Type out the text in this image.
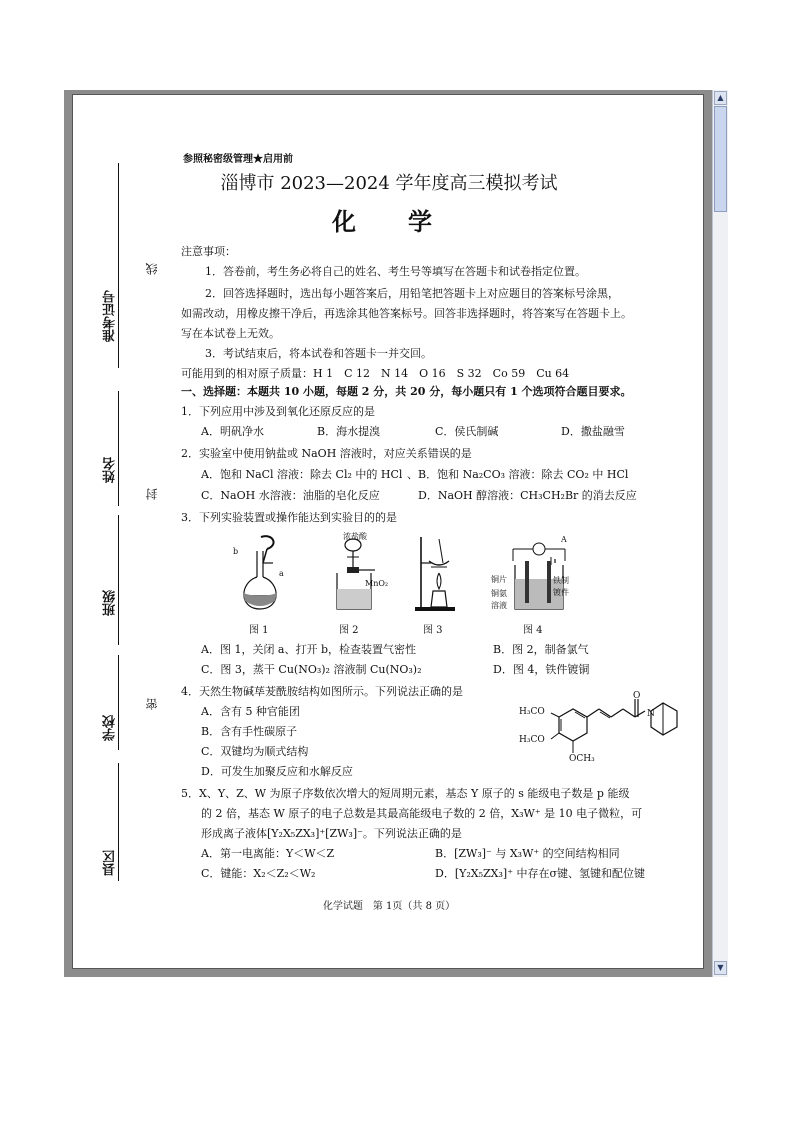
准考证号
姓名
班级
学校
县区
线
封
密
参照秘密级管理★启用前
淄博市 2023—2024 学年度高三模拟考试
化　学
注意事项：
1．答卷前，考生务必将自己的姓名、考生号等填写在答题卡和试卷指定位置。
2．回答选择题时，选出每小题答案后，用铅笔把答题卡上对应题目的答案标号涂黑，
如需改动，用橡皮擦干净后，再选涂其他答案标号。回答非选择题时，将答案写在答题卡上。
写在本试卷上无效。
3．考试结束后，将本试卷和答题卡一并交回。
可能用到的相对原子质量：H 1　C 12　N 14　O 16　S 32　Co 59　Cu 64
一、选择题：本题共 10 小题，每题 2 分，共 20 分，每小题只有 1 个选项符合题目要求。
1．下列应用中涉及到氧化还原反应的是
A．明矾净水	B．海水提溴	C．侯氏制碱	D．撒盐融雪
2．实验室中使用钠盐或 NaOH 溶液时，对应关系错误的是
A．饱和 NaCl 溶液：除去 Cl₂ 中的 HCl 、B．饱和 Na₂CO₃ 溶液：除去 CO₂ 中 HCl
C．NaOH 水溶液：油脂的皂化反应	D．NaOH 醇溶液：CH₃CH₂Br 的消去反应
3．下列实验装置或操作能达到实验目的的是
b
a
浓盐酸
MnO₂
A
铜片
铜氨
溶液
铁制
镀件
图 1	图 2	图 3	图 4
A．图 1，关闭 a、打开 b，检查装置气密性	B．图 2，制备氯气
C．图 3，蒸干 Cu(NO₃)₂ 溶液制 Cu(NO₃)₂	D．图 4，铁件镀铜
4．天然生物碱荜茇酰胺结构如图所示。下列说法正确的是
A．含有 5 种官能团
B．含有手性碳原子
C．双键均为顺式结构
D．可发生加聚反应和水解反应
H₃CO
H₃CO
OCH₃
O
N
5．X、Y、Z、W 为原子序数依次增大的短周期元素，基态 Y 原子的 s 能级电子数是 p 能级
的 2 倍，基态 W 原子的电子总数是其最高能级电子数的 2 倍，X₃W⁺ 是 10 电子微粒，可
形成离子液体[Y₂X₅ZX₃]⁺[ZW₃]⁻。下列说法正确的是
A．第一电离能：Y＜W＜Z	B．[ZW₃]⁻ 与 X₃W⁺ 的空间结构相同
C．键能：X₂＜Z₂＜W₂	D．[Y₂X₅ZX₃]⁺ 中存在σ键、氢键和配位键
化学试题　第 1页（共 8 页）
▲
▼
